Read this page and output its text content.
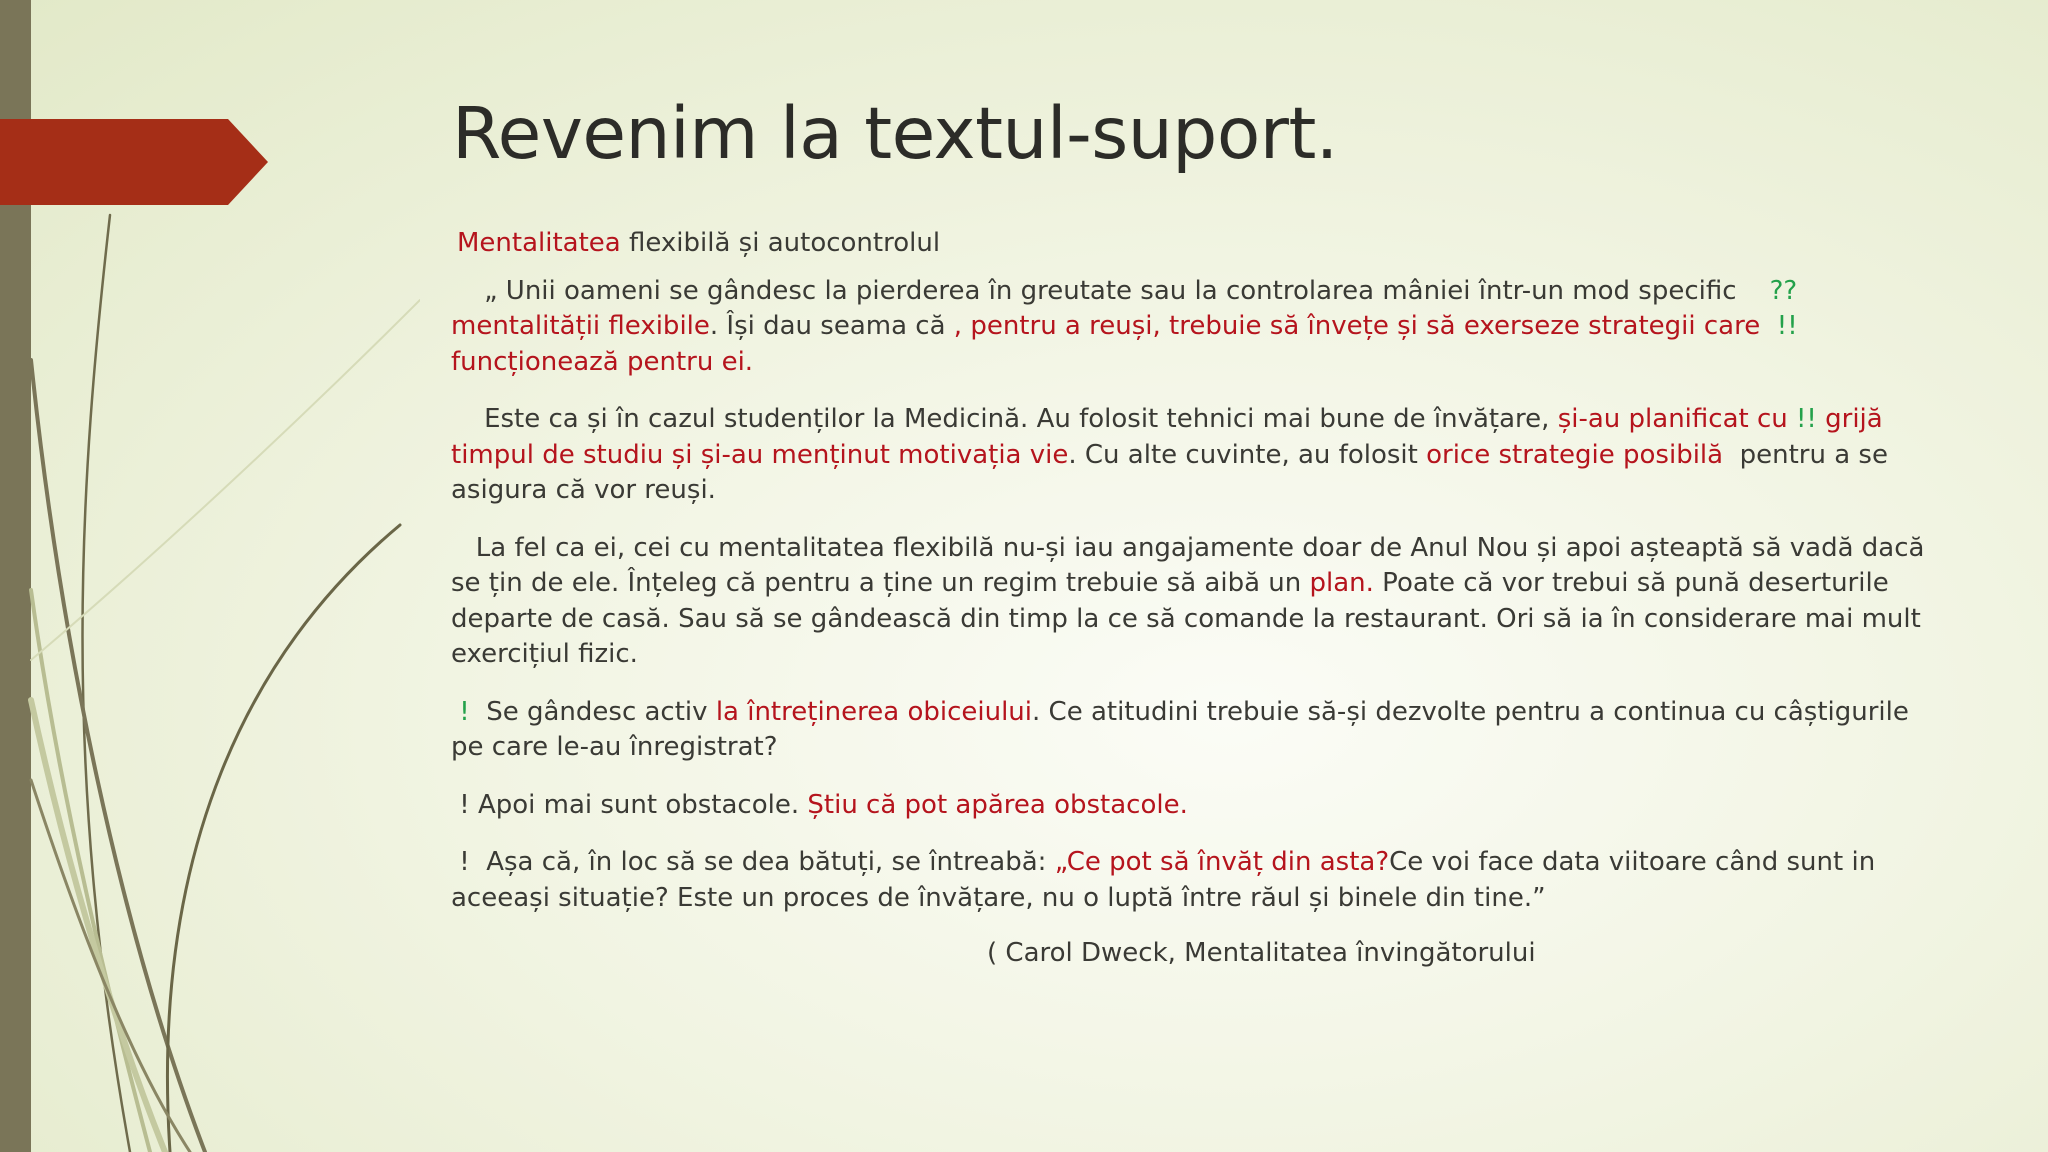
Revenim la textul-suport.

Mentalitatea flexibilă și autocontrolul

„ Unii oameni se gândesc la pierderea în greutate sau la controlarea mâniei într-un mod specific    ??
mentalității flexibile. Își dau seama că , pentru a reuși, trebuie să învețe și să exerseze strategii care  !!
funcționează pentru ei.

Este ca și în cazul studenților la Medicină. Au folosit tehnici mai bune de învățare, și-au planificat cu !! grijă timpul de studiu și și-au menținut motivația vie. Cu alte cuvinte, au folosit orice strategie posibilă  pentru a se asigura că vor reuși.

La fel ca ei, cei cu mentalitatea flexibilă nu-și iau angajamente doar de Anul Nou și apoi așteaptă să vadă dacă se țin de ele. Înțeleg că pentru a ține un regim trebuie să aibă un plan. Poate că vor trebui să pună deserturile departe de casă. Sau să se gândească din timp la ce să comande la restaurant. Ori să ia în considerare mai mult exercițiul fizic.

!  Se gândesc activ la întreținerea obiceiului. Ce atitudini trebuie să-și dezvolte pentru a continua cu câștigurile pe care le-au înregistrat?

! Apoi mai sunt obstacole. Știu că pot apărea obstacole.

!  Așa că, în loc să se dea bătuți, se întreabă: „Ce pot să învăț din asta?Ce voi face data viitoare când sunt in aceeași situație? Este un proces de învățare, nu o luptă între răul și binele din tine.”

( Carol Dweck, Mentalitatea învingătorului
